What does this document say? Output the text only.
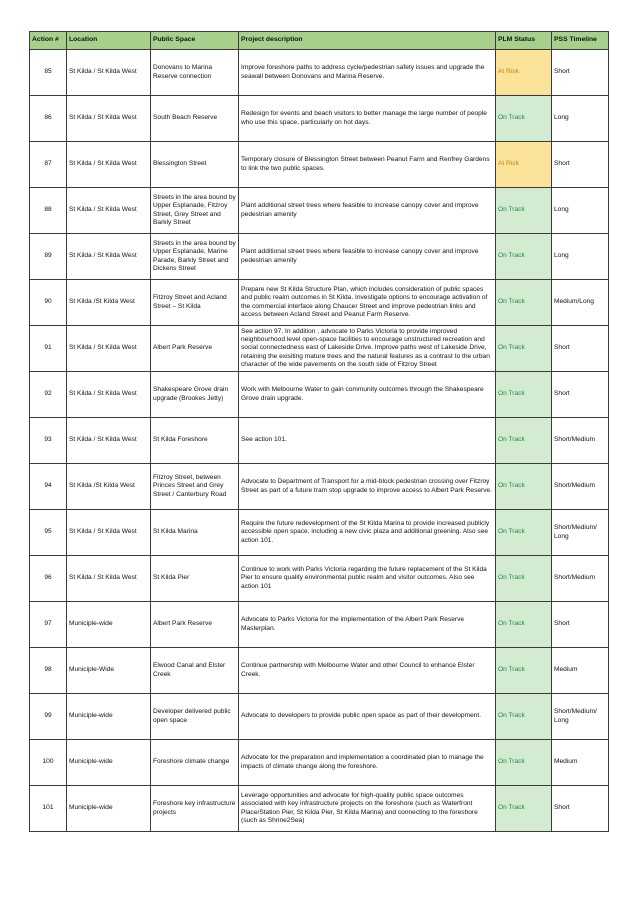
Action #	Location	Public Space	Project description	PLM Status	PSS Timeline
85	St Kilda / St Kilda West	Donovans to Marina Reserve connection	Improve foreshore paths to address cycle/pedestrian safety issues and upgrade the seawall between Donovans and Marina Reserve.	At Risk	Short
86	St Kilda / St Kilda West	South Beach Reserve	Redesign for events and beach visitors to better manage the large number of people who use this space, particularly on hot days.	On Track	Long
87	St Kilda / St Kilda West	Blessington Street	Temporary closure of Blessington Street between Peanut Farm and Renfrey Gardens to link the two public spaces.	At Risk	Short
88	St Kilda / St Kilda West	Streets in the area bound by Upper Esplanade, Fitzroy Street, Grey Street and Barkly Street	Plant additional street trees where feasible to increase canopy cover and improve pedestrian amenity	On Track	Long
89	St Kilda / St Kilda West	Streets in the area bound by Upper Esplanade, Marine Parade, Barkly Street and Dickens Street	Plant additional street trees where feasible to increase canopy cover and improve pedestrian amenity	On Track	Long
90	St Kilda /St Kilda West	Fitzroy Street and Acland Street – St Kilda	Prepare new St Kilda Structure Plan, which includes consideration of public spaces and public realm outcomes in St Kilda. Investigate options to encourage activation of the commercial interface along Chaucer Street and improve pedestrian links and access between Acland Street and Peanut Farm Reserve.	On Track	Medium/Long
91	St Kilda / St Kilda West	Albert Park Reserve	See action 97. In addition , advocate to Parks Victoria to provide improved neighbourhood level open-space facilities to encourage unstructured recreation and social connectedness east of Lakeside Drive. Improve paths west of Lakeside Drive, retaining the exisiting mature trees and the natural features as a contrast to the urban character of the wide pavements on the south side of Fitzroy Street	On Track	Short
92	St Kilda / St Kilda West	Shakespeare Grove drain upgrade (Brookes Jetty)	Work with Melbourne Water to gain community outcomes through the Shakespeare Grove drain upgrade.	On Track	Short
93	St Kilda / St Kilda West	St Kilda Foreshore	See action 101.	On Track	Short/Medium
94	St Kilda /St Kilda West	Fitzroy Street, between Princes Street and Grey Street / Canterbury Road	Advocate to Department of Transport for a mid-block pedestrian crossing over Fitzroy Street as part of a future tram stop upgrade to improve access to Albert Park Reserve.	On Track	Short/Medium
95	St Kilda / St Kilda West	St Kilda Marina	Require the future redevelopment of the St Kilda Marina to provide increased publicly accessible open space, including a new civic plaza and additional greening. Also see action 101.	On Track	Short/Medium/ Long
96	St Kilda / St Kilda West	St Kilda Pier	Continue to work with Parks Victoria regarding the future replacement of the St Kilda Pier to ensure quality environmental public realm and visitor outcomes. Also see action 101	On Track	Short/Medium
97	Municiple-wide	Albert Park Reserve	Advocate to Parks Victoria for the implementation of the Albert Park Reserve Masterplan.	On Track	Short
98	Municiple-Wide	Elwood Canal and Elster Creek	Continue partnership with Melbourne Water and other Council to enhance Elster Creek.	On Track	Medium
99	Municiple-wide	Developer delivered public open space	Advocate to developers to provide public open space as part of their development.	On Track	Short/Medium/ Long
100	Municiple-wide	Foreshore climate change	Advocate for the preparation and implementation a coordinated plan to manage the impacts of climate change along the foreshore.	On Track	Medium
101	Municiple-wide	Foreshore key infrastructure projects	Leverage opportunities and advocate for high-quality public space outcomes associated with key infrastructure projects on the foreshore (such as Waterfront Place/Station Pier, St Kilda Pier, St Kilda Marina) and connecting to the foreshore (such as Shrine2Sea)	On Track	Short
